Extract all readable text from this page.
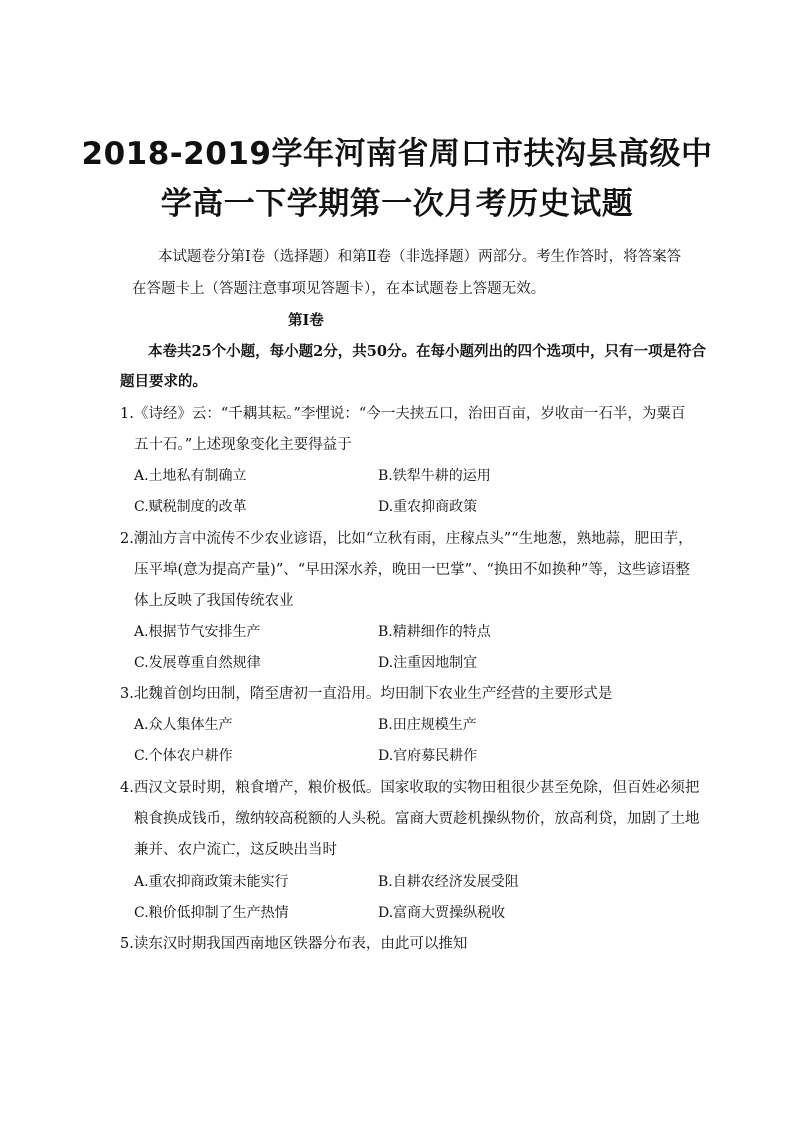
2018-2019学年河南省周口市扶沟县高级中
学高一下学期第一次月考历史试题
本试题卷分第Ⅰ卷（选择题）和第Ⅱ卷（非选择题）两部分。考生作答时，将答案答
在答题卡上（答题注意事项见答题卡），在本试题卷上答题无效。
第Ⅰ卷
本卷共25个小题，每小题2分，共50分。在每小题列出的四个选项中，只有一项是符合
题目要求的。
1.《诗经》云：“千耦其耘。”李悝说：“今一夫挟五口，治田百亩，岁收亩一石半，为粟百
五十石。”上述现象变化主要得益于
A.土地私有制确立	B.铁犁牛耕的运用
C.赋税制度的改革	D.重农抑商政策
2.潮汕方言中流传不少农业谚语，比如“立秋有雨，庄稼点头”“生地葱，熟地蒜，肥田芋，
压平埠(意为提高产量)”、“早田深水养，晚田一巴掌”、“换田不如换种”等，这些谚语整
体上反映了我国传统农业
A.根据节气安排生产	B.精耕细作的特点
C.发展尊重自然规律	D.注重因地制宜
3.北魏首创均田制，隋至唐初一直沿用。均田制下农业生产经营的主要形式是
A.众人集体生产	B.田庄规模生产
C.个体农户耕作	D.官府募民耕作
4.西汉文景时期，粮食增产，粮价极低。国家收取的实物田租很少甚至免除，但百姓必须把
粮食换成钱币，缴纳较高税额的人头税。富商大贾趁机操纵物价，放高利贷，加剧了土地
兼并、农户流亡，这反映出当时
A.重农抑商政策未能实行	B.自耕农经济发展受阻
C.粮价低抑制了生产热情	D.富商大贾操纵税收
5.读东汉时期我国西南地区铁器分布表，由此可以推知
